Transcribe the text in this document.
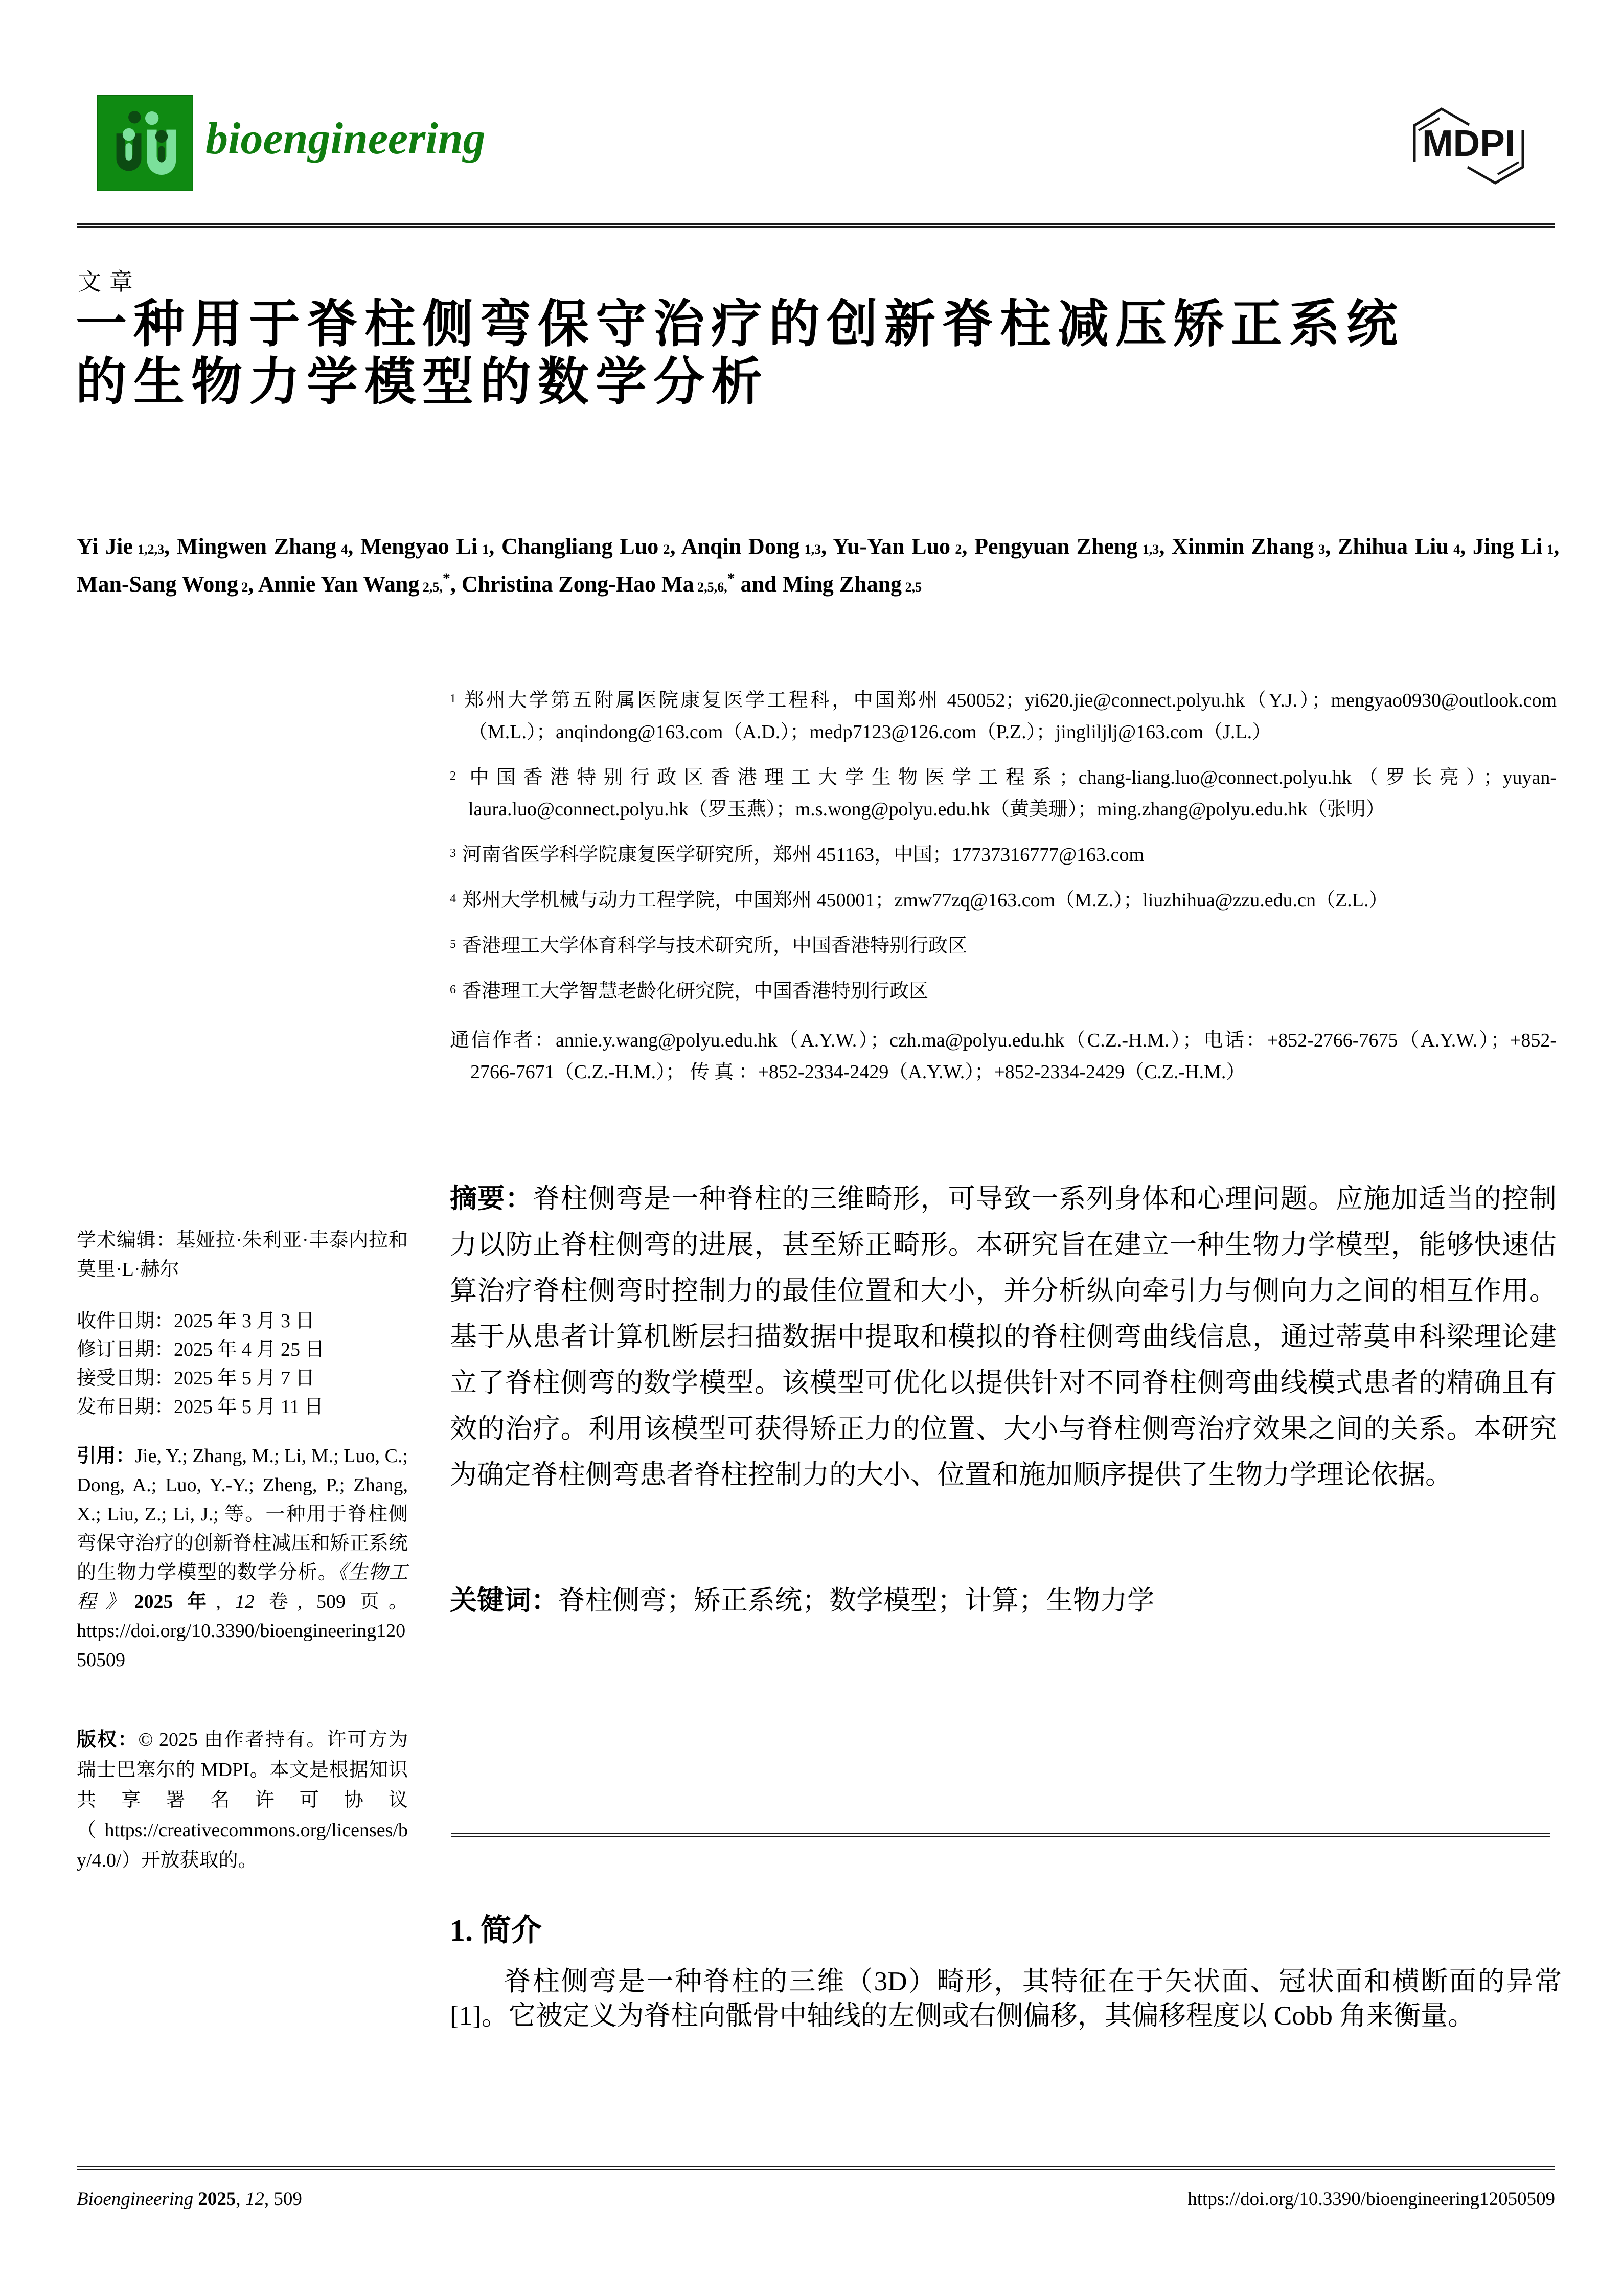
bioengineering	MDPI
文章
一种用于脊柱侧弯保守治疗的创新脊柱减压矫正系统
的生物力学模型的数学分析
Yi Jie 1,2,3, Mingwen Zhang 4, Mengyao Li 1, Changliang Luo 2, Anqin Dong 1,3, Yu-Yan Luo 2, Pengyuan Zheng 1,3, Xinmin Zhang 3, Zhihua Liu 4, Jing Li 1, Man-Sang Wong 2, Annie Yan Wang 2,5,*, Christina Zong-Hao Ma 2,5,6,* and Ming Zhang 2,5
$^1$ 郑州大学第五附属医院康复医学工程科，中国郑州 450052；yi620.jie@connect.polyu.hk（Y.J.）；mengyao0930@outlook.com（M.L.）；anqindong@163.com（A.D.）；medp7123@126.com（P.Z.）；jingliljlj@163.com（J.L.）
$^2$ 中国香港特别行政区香港理工大学生物医学工程系；chang-liang.luo@connect.polyu.hk（罗长亮）；yuyan-laura.luo@connect.polyu.hk（罗玉燕）；m.s.wong@polyu.edu.hk（黄美珊）；ming.zhang@polyu.edu.hk（张明）
$^3$ 河南省医学科学院康复医学研究所，郑州 451163，中国；17737316777@163.com
$^4$ 郑州大学机械与动力工程学院，中国郑州 450001；zmw77zq@163.com（M.Z.）；liuzhihua@zzu.edu.cn（Z.L.）
$^5$ 香港理工大学体育科学与技术研究所，中国香港特别行政区
$^6$ 香港理工大学智慧老龄化研究院，中国香港特别行政区
通信作者：annie.y.wang@polyu.edu.hk（A.Y.W.）；czh.ma@polyu.edu.hk（C.Z.-H.M.）；电话：+852-2766-7675（A.Y.W.）；+852-2766-7671（C.Z.-H.M.）； 传 真 ：+852-2334-2429（A.Y.W.）；+852-2334-2429（C.Z.-H.M.）
摘要：脊柱侧弯是一种脊柱的三维畸形，可导致一系列身体和心理问题。应施加适当的控制力以防止脊柱侧弯的进展，甚至矫正畸形。本研究旨在建立一种生物力学模型，能够快速估算治疗脊柱侧弯时控制力的最佳位置和大小，并分析纵向牵引力与侧向力之间的相互作用。基于从患者计算机断层扫描数据中提取和模拟的脊柱侧弯曲线信息，通过蒂莫申科梁理论建立了脊柱侧弯的数学模型。该模型可优化以提供针对不同脊柱侧弯曲线模式患者的精确且有效的治疗。利用该模型可获得矫正力的位置、大小与脊柱侧弯治疗效果之间的关系。本研究为确定脊柱侧弯患者脊柱控制力的大小、位置和施加顺序提供了生物力学理论依据。
关键词：脊柱侧弯；矫正系统；数学模型；计算；生物力学
学术编辑：基娅拉·朱利亚·丰泰内拉和莫里·L·赫尔
收件日期：2025 年 3 月 3 日
修订日期：2025 年 4 月 25 日
接受日期：2025 年 5 月 7 日
发布日期：2025 年 5 月 11 日
引用：Jie, Y.; Zhang, M.; Li, M.; Luo, C.; Dong, A.; Luo, Y.-Y.; Zheng, P.; Zhang, X.; Liu, Z.; Li, J.; 等。一种用于脊柱侧弯保守治疗的创新脊柱减压和矫正系统的生物力学模型的数学分析。《生物工程》2025 年, 12 卷, 509 页。https://doi.org/10.3390/bioengineering12050509
版权：© 2025 由作者持有。许可方为瑞士巴塞尔的 MDPI。本文是根据知识共享署名许可协议（https://creativecommons.org/licenses/by/4.0/）开放获取的。
1. 简介
脊柱侧弯是一种脊柱的三维（3D）畸形，其特征在于矢状面、冠状面和横断面的异常[1]。它被定义为脊柱向骶骨中轴线的左侧或右侧偏移，其偏移程度以 Cobb 角来衡量。
Bioengineering 2025, 12, 509	https://doi.org/10.3390/bioengineering12050509
